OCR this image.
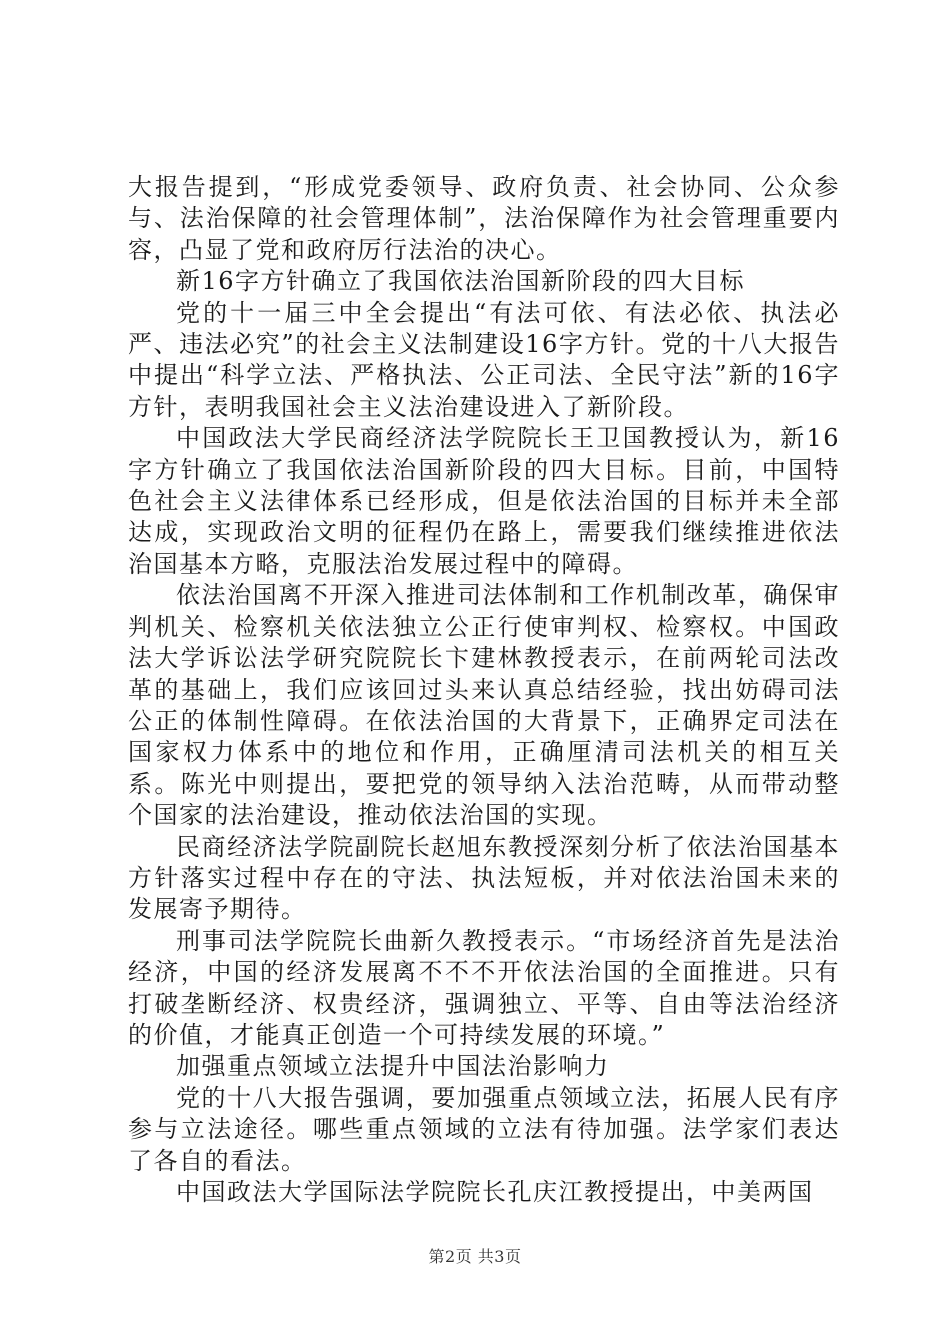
大报告提到，“形成党委领导、政府负责、社会协同、公众参与、法治保障的社会管理体制”，法治保障作为社会管理重要内容，凸显了党和政府厉行法治的决心。

新16字方针确立了我国依法治国新阶段的四大目标

党的十一届三中全会提出“有法可依、有法必依、执法必严、违法必究”的社会主义法制建设16字方针。党的十八大报告中提出“科学立法、严格执法、公正司法、全民守法”新的16字方针，表明我国社会主义法治建设进入了新阶段。

中国政法大学民商经济法学院院长王卫国教授认为，新16字方针确立了我国依法治国新阶段的四大目标。目前，中国特色社会主义法律体系已经形成，但是依法治国的目标并未全部达成，实现政治文明的征程仍在路上，需要我们继续推进依法治国基本方略，克服法治发展过程中的障碍。

依法治国离不开深入推进司法体制和工作机制改革，确保审判机关、检察机关依法独立公正行使审判权、检察权。中国政法大学诉讼法学研究院院长卞建林教授表示，在前两轮司法改革的基础上，我们应该回过头来认真总结经验，找出妨碍司法公正的体制性障碍。在依法治国的大背景下，正确界定司法在国家权力体系中的地位和作用，正确厘清司法机关的相互关系。陈光中则提出，要把党的领导纳入法治范畴，从而带动整个国家的法治建设，推动依法治国的实现。

民商经济法学院副院长赵旭东教授深刻分析了依法治国基本方针落实过程中存在的守法、执法短板，并对依法治国未来的发展寄予期待。

刑事司法学院院长曲新久教授表示。“市场经济首先是法治经济，中国的经济发展离不不不开依法治国的全面推进。只有打破垄断经济、权贵经济，强调独立、平等、自由等法治经济的价值，才能真正创造一个可持续发展的环境。”

加强重点领域立法提升中国法治影响力

党的十八大报告强调，要加强重点领域立法，拓展人民有序参与立法途径。哪些重点领域的立法有待加强。法学家们表达了各自的看法。

中国政法大学国际法学院院长孔庆江教授提出，中美两国

第2页 共3页
